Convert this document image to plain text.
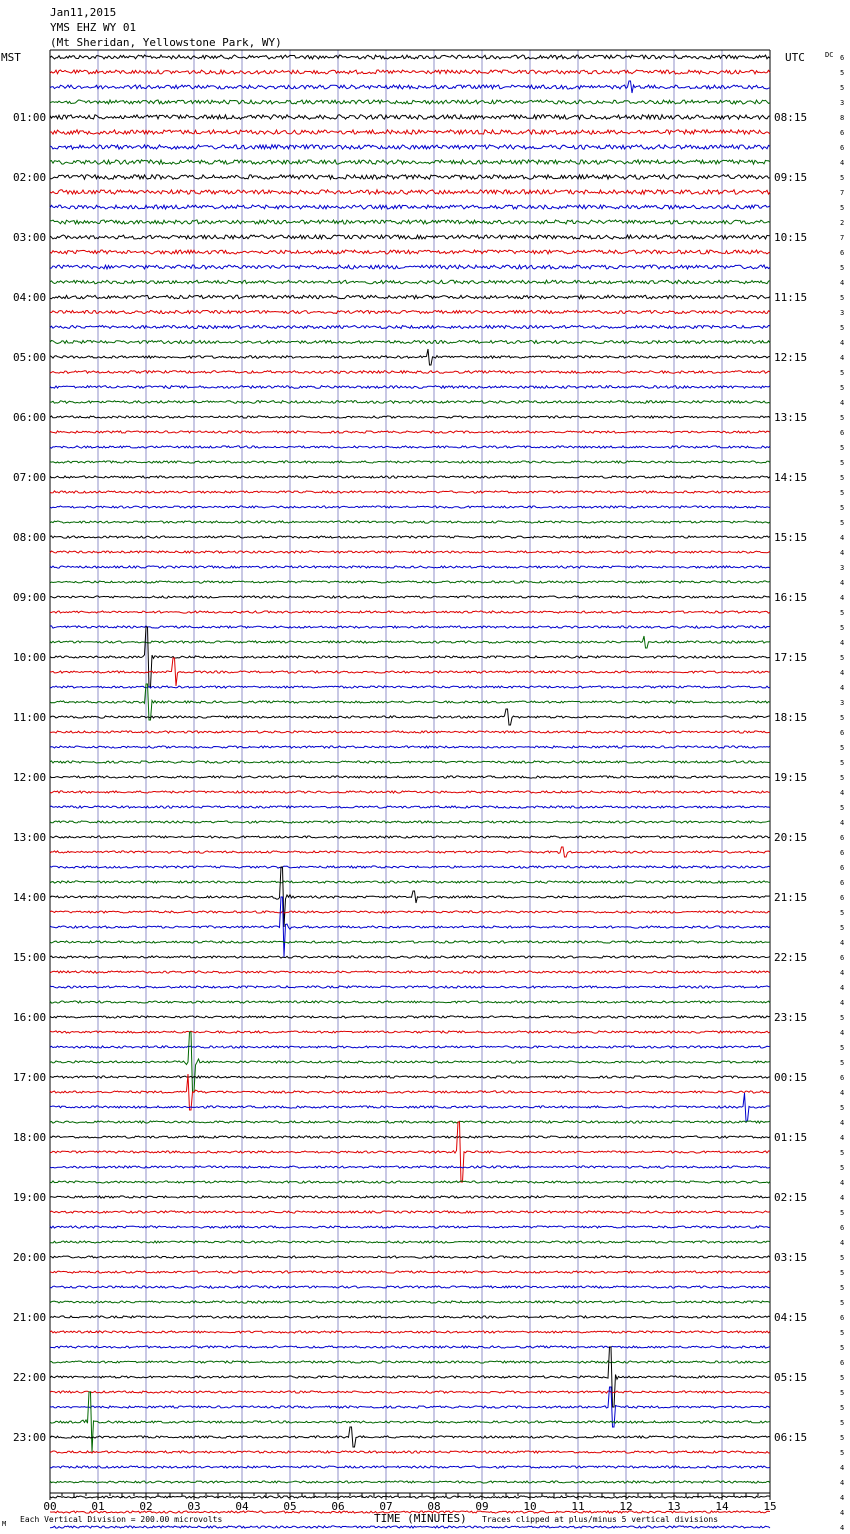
Jan11,2015
YMS EHZ WY 01
(Mt Sheridan, Yellowstone Park, WY)
MST	UTC	DC
01:00
02:00
03:00
04:00
05:00
06:00
07:00
08:00
09:00
10:00
11:00
12:00
13:00
14:00
15:00
16:00
17:00
18:00
19:00
20:00
21:00
22:00
23:00
08:15
09:15
10:15
11:15
12:15
13:15
14:15
15:15
16:15
17:15
18:15
19:15
20:15
21:15
22:15
23:15
00:15
01:15
02:15
03:15
04:15
05:15
06:15
6
5
5
3
8
6
6
4
5
7
5
2
7
6
5
4
5
3
5
4
4
5
5
4
5
6
5
5
5
5
5
5
4
4
3
4
4
5
5
4
5
4
4
3
5
6
5
5
5
4
5
4
6
6
6
6
6
5
5
4
6
4
4
4
5
4
5
5
6
4
5
4
4
5
5
4
4
5
6
4
5
5
5
5
6
5
5
6
5
5
5
5
5
5
4
4
4
4
4
00	01	02	03	04	05	06	07	08	09	10	11	12	13	14	15
TIME (MINUTES)
Each Vertical Division = 200.00 microvolts	Traces clipped at plus/minus 5 vertical divisions
M
